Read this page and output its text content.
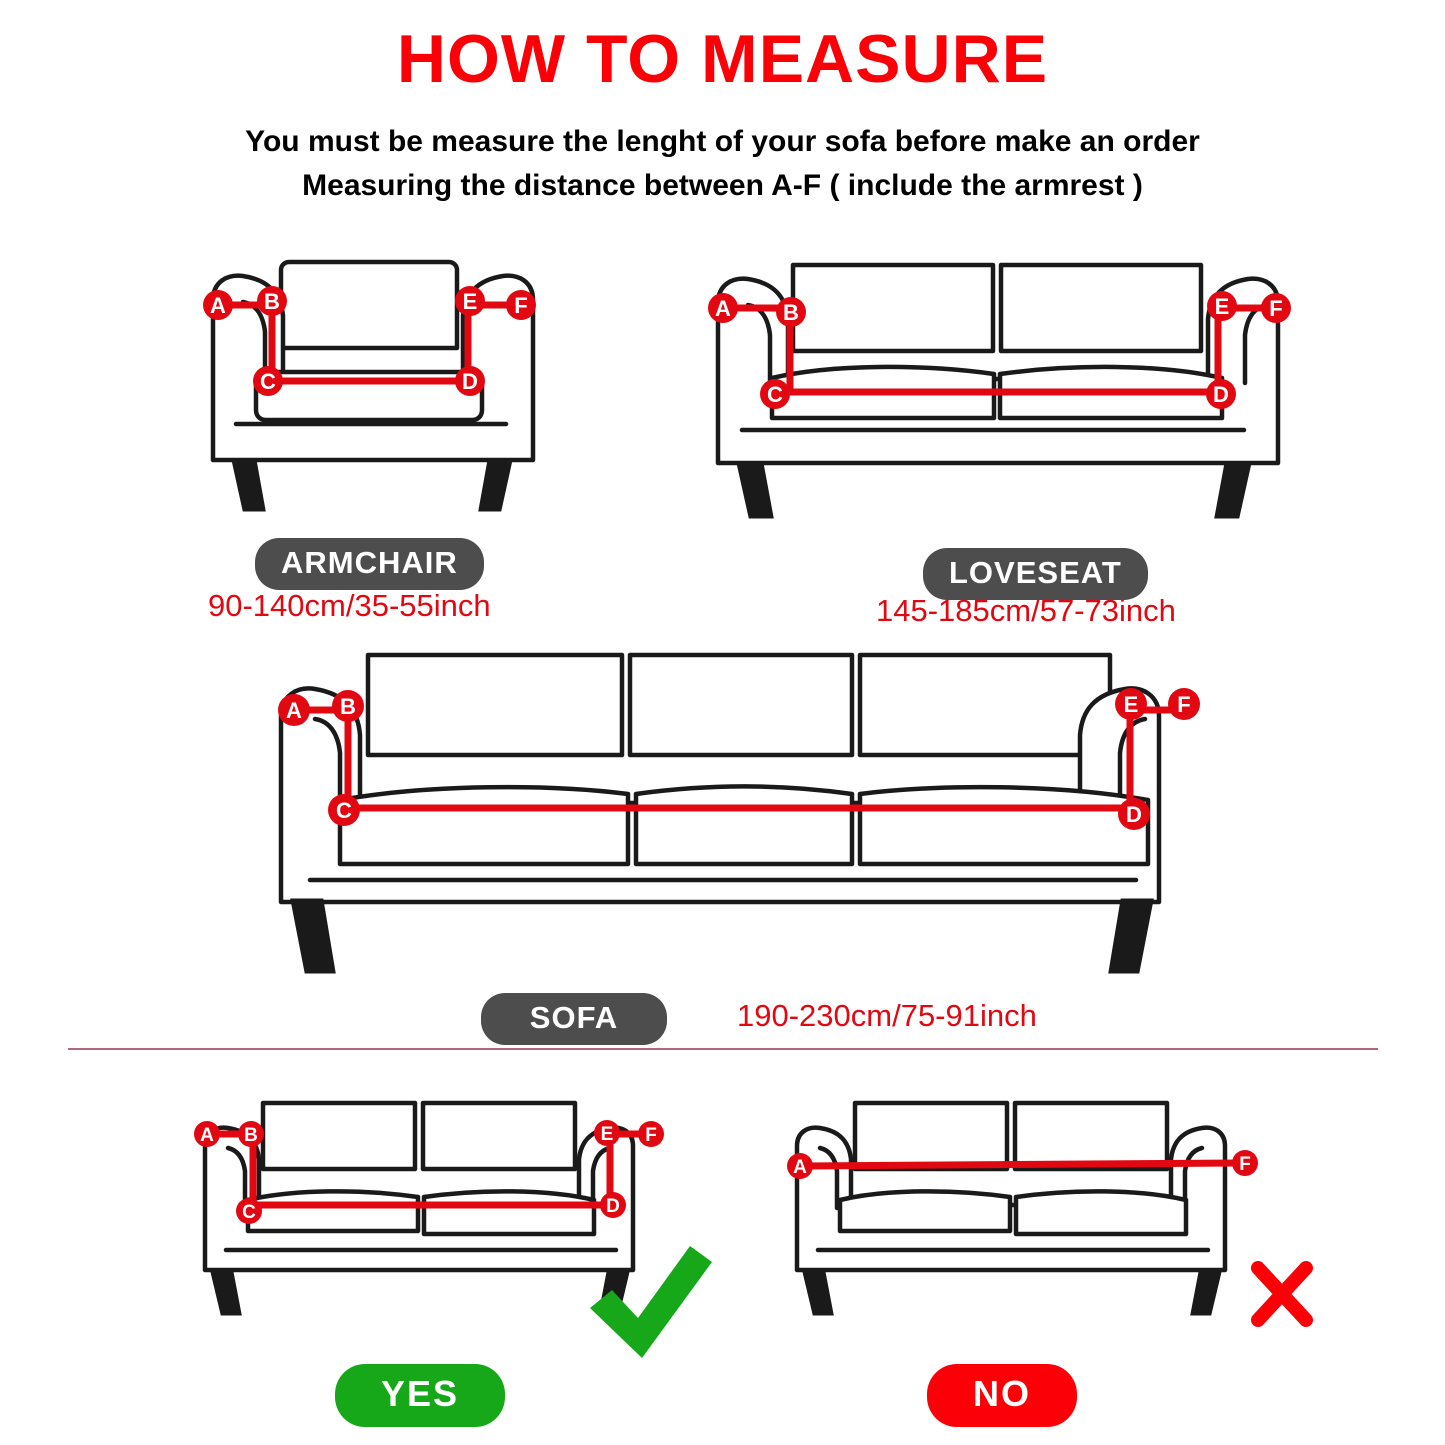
HOW TO MEASURE
You must be measure the lenght of your sofa before make an order
Measuring the distance between A-F ( include the armrest )
A B
C	D
E F	A B
C	D
E F
A B
C	D
E F
A B
C	D
E F
A	F
ARMCHAIR
90-140cm/35-55inch
LOVESEAT
145-185cm/57-73inch
SOFA	190-230cm/75-91inch
YES	NO
